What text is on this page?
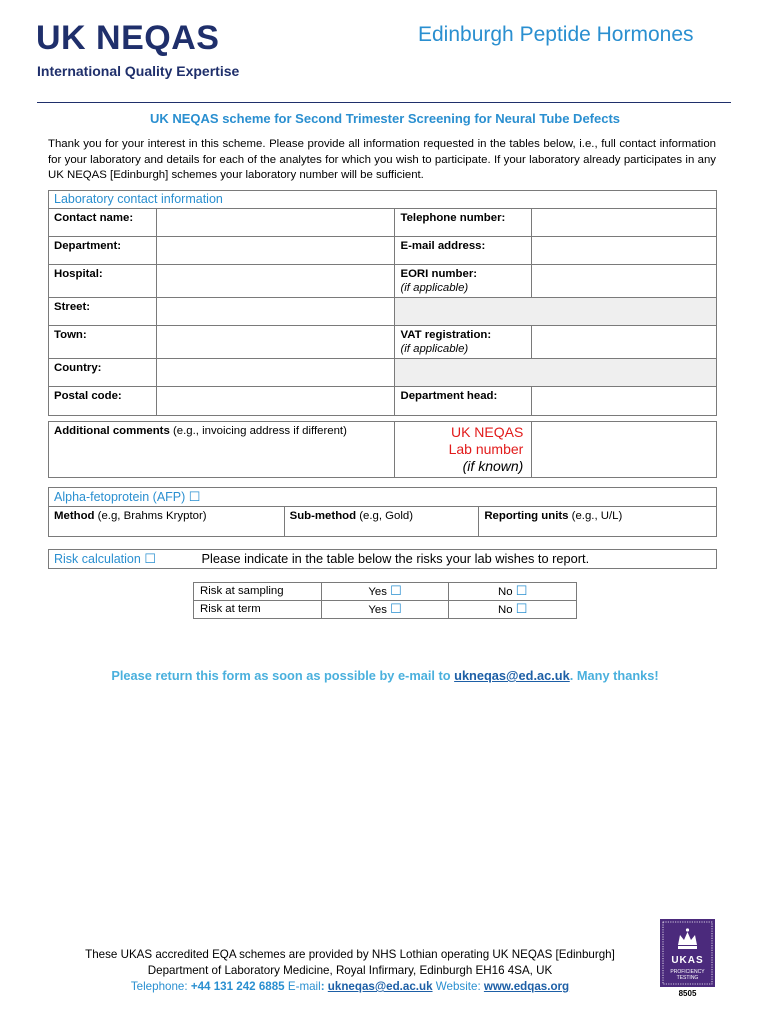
UK NEQAS
International Quality Expertise
Edinburgh Peptide Hormones
UK NEQAS scheme for Second Trimester Screening for Neural Tube Defects
Thank you for your interest in this scheme. Please provide all information requested in the tables below, i.e., full contact information for your laboratory and details for each of the analytes for which you wish to participate. If your laboratory already participates in any UK NEQAS [Edinburgh] schemes your laboratory number will be sufficient.
Laboratory contact information			
Contact name:		Telephone number:	
Department:		E-mail address:	
Hospital:		EORI number:
(if applicable)	
Street:			
Town:		VAT registration:
(if applicable)	
Country:			
Postal code:		Department head:	
Additional comments (e.g., invoicing address if different)	UK NEQAS
Lab number
(if known)

Alpha-fetoprotein (AFP) ☐
Method (e.g, Brahms Kryptor)	Sub-method (e.g, Gold)	Reporting units (e.g., U/L)
Risk calculation ☐	Please indicate in the table below the risks your lab wishes to report.
Risk at sampling	Yes ☐	No ☐
Risk at term	Yes ☐	No ☐
Please return this form as soon as possible by e-mail to ukneqas@ed.ac.uk. Many thanks!
These UKAS accredited EQA schemes are provided by NHS Lothian operating UK NEQAS [Edinburgh]
Department of Laboratory Medicine, Royal Infirmary, Edinburgh EH16 4SA, UK
Telephone: +44 131 242 6885 E-mail: ukneqas@ed.ac.uk Website: www.edqas.org
UKAS
PROFICIENCY TESTING
8505
